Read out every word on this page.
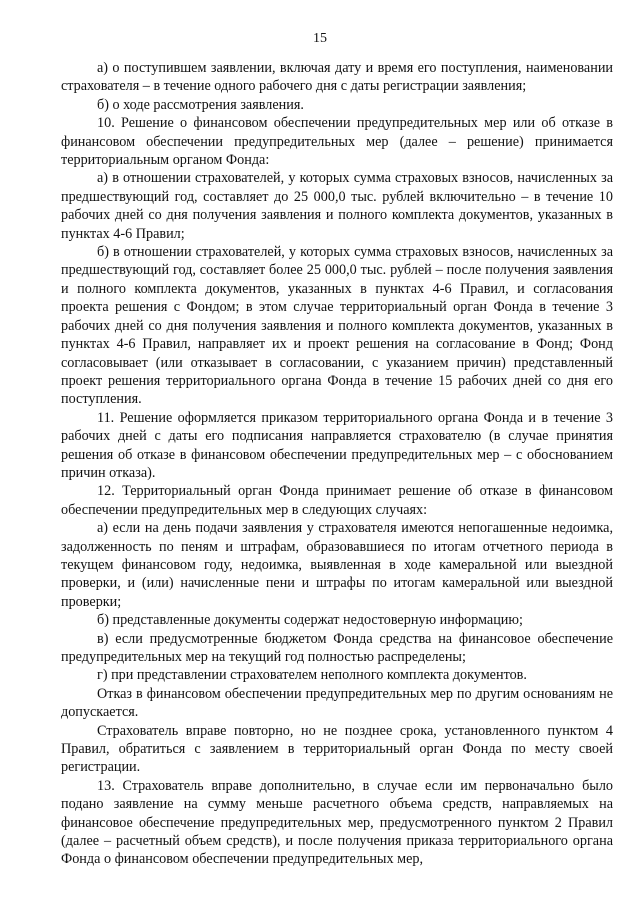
15

а) о поступившем заявлении, включая дату и время его поступления, наименовании страхователя – в течение одного рабочего дня с даты регистрации заявления;

б) о ходе рассмотрения заявления.

10. Решение о финансовом обеспечении предупредительных мер или об отказе в финансовом обеспечении предупредительных мер (далее – решение) принимается территориальным органом Фонда:

а) в отношении страхователей, у которых сумма страховых взносов, начисленных за предшествующий год, составляет до 25 000,0 тыс. рублей включительно – в течение 10 рабочих дней со дня получения заявления и полного комплекта документов, указанных в пунктах 4-6 Правил;

б) в отношении страхователей, у которых сумма страховых взносов, начисленных за предшествующий год, составляет более 25 000,0 тыс. рублей – после получения заявления и полного комплекта документов, указанных в пунктах 4-6 Правил, и согласования проекта решения с Фондом; в этом случае территориальный орган Фонда в течение 3 рабочих дней со дня получения заявления и полного комплекта документов, указанных в пунктах 4-6 Правил, направляет их и проект решения на согласование в Фонд; Фонд согласовывает (или отказывает в согласовании, с указанием причин) представленный проект решения территориального органа Фонда в течение 15 рабочих дней со дня его поступления.

11. Решение оформляется приказом территориального органа Фонда и в течение 3 рабочих дней с даты его подписания направляется страхователю (в случае принятия решения об отказе в финансовом обеспечении предупредительных мер – с обоснованием причин отказа).

12. Территориальный орган Фонда принимает решение об отказе в финансовом обеспечении предупредительных мер в следующих случаях:

а) если на день подачи заявления у страхователя имеются непогашенные недоимка, задолженность по пеням и штрафам, образовавшиеся по итогам отчетного периода в текущем финансовом году, недоимка, выявленная в ходе камеральной или выездной проверки, и (или) начисленные пени и штрафы по итогам камеральной или выездной проверки;

б) представленные документы содержат недостоверную информацию;

в) если предусмотренные бюджетом Фонда средства на финансовое обеспечение предупредительных мер на текущий год полностью распределены;

г) при представлении страхователем неполного комплекта документов.

Отказ в финансовом обеспечении предупредительных мер по другим основаниям не допускается.

Страхователь вправе повторно, но не позднее срока, установленного пунктом 4 Правил, обратиться с заявлением в территориальный орган Фонда по месту своей регистрации.

13. Страхователь вправе дополнительно, в случае если им первоначально было подано заявление на сумму меньше расчетного объема средств, направляемых на финансовое обеспечение предупредительных мер, предусмотренного пунктом 2 Правил (далее – расчетный объем средств), и после получения приказа территориального органа Фонда о финансовом обеспечении предупредительных мер,
